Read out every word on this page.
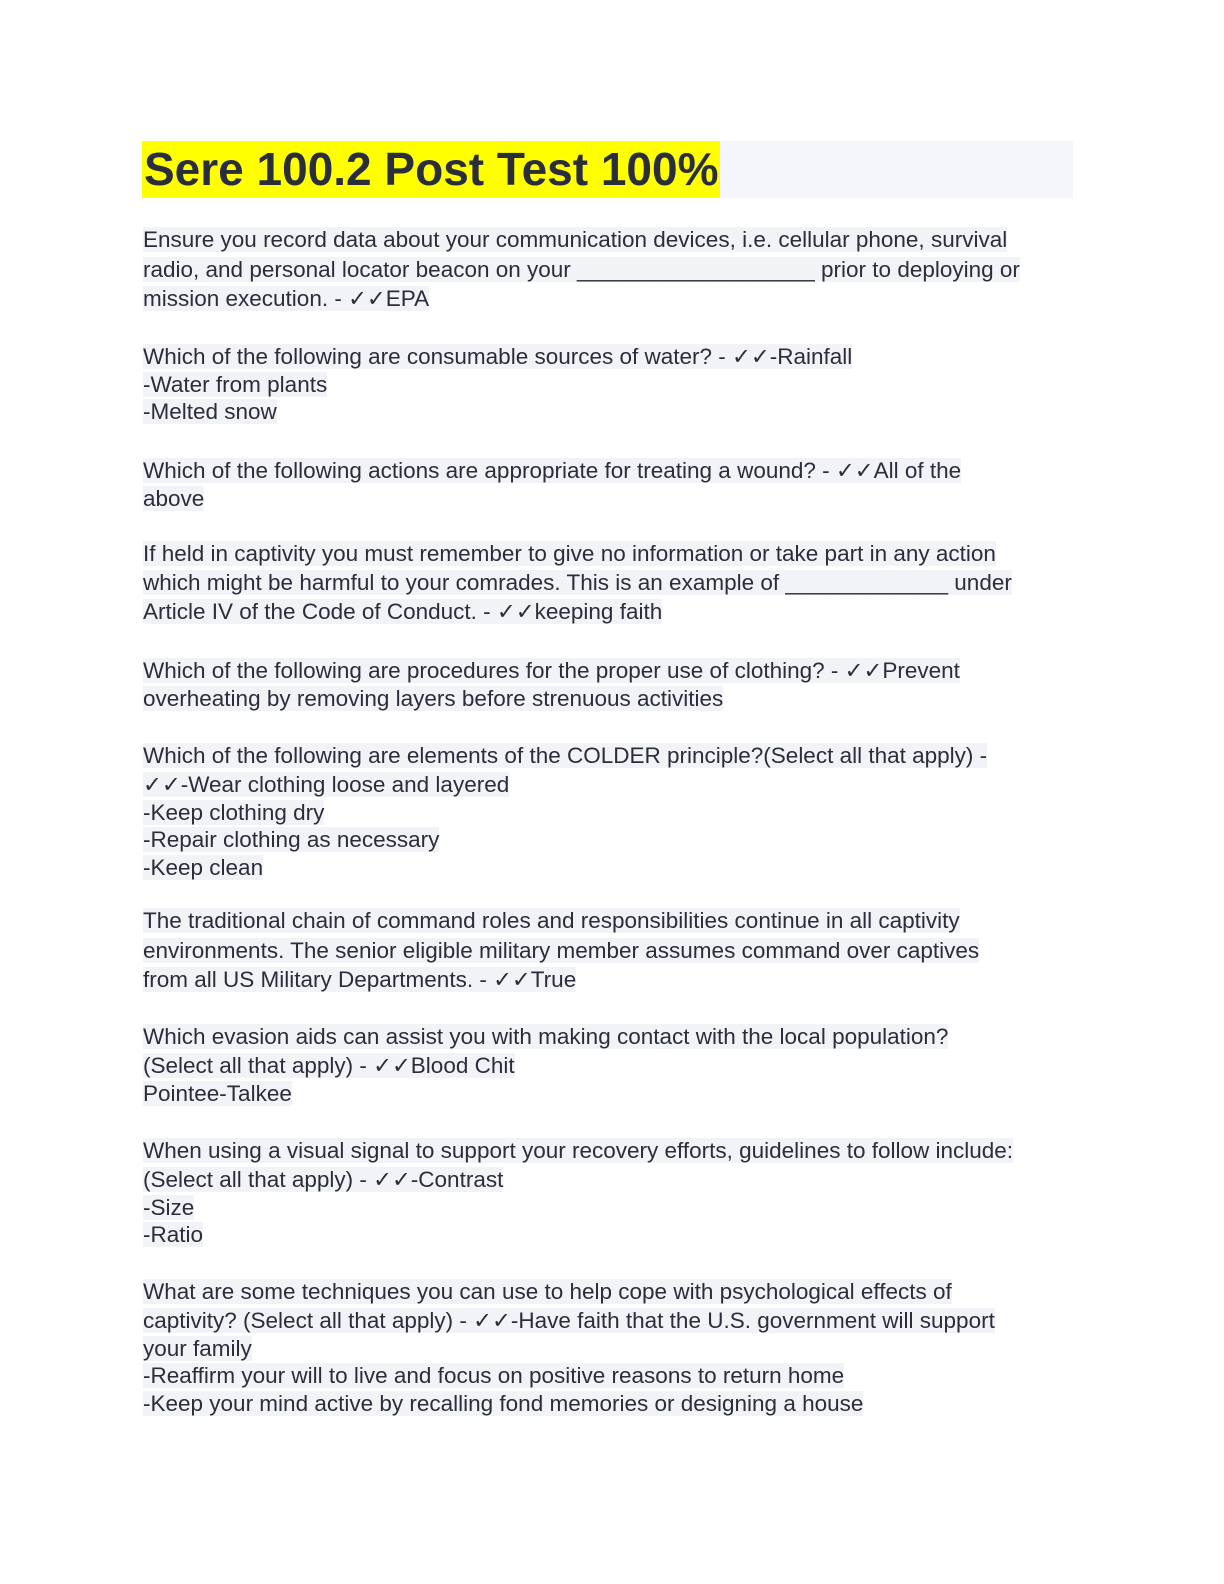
Sere 100.2 Post Test 100%
Ensure you record data about your communication devices, i.e. cellular phone, survival
radio, and personal locator beacon on your ___________________ prior to deploying or
mission execution. - ✓✓EPA
Which of the following are consumable sources of water? - ✓✓-Rainfall
-Water from plants
-Melted snow
Which of the following actions are appropriate for treating a wound? - ✓✓All of the
above
If held in captivity you must remember to give no information or take part in any action
which might be harmful to your comrades. This is an example of _____________ under
Article IV of the Code of Conduct. - ✓✓keeping faith
Which of the following are procedures for the proper use of clothing? - ✓✓Prevent
overheating by removing layers before strenuous activities
Which of the following are elements of the COLDER principle?(Select all that apply) -
✓✓-Wear clothing loose and layered
-Keep clothing dry
-Repair clothing as necessary
-Keep clean
The traditional chain of command roles and responsibilities continue in all captivity
environments. The senior eligible military member assumes command over captives
from all US Military Departments. - ✓✓True
Which evasion aids can assist you with making contact with the local population?
(Select all that apply) - ✓✓Blood Chit
Pointee-Talkee
When using a visual signal to support your recovery efforts, guidelines to follow include:
(Select all that apply) - ✓✓-Contrast
-Size
-Ratio
What are some techniques you can use to help cope with psychological effects of
captivity? (Select all that apply) - ✓✓-Have faith that the U.S. government will support
your family
-Reaffirm your will to live and focus on positive reasons to return home
-Keep your mind active by recalling fond memories or designing a house
